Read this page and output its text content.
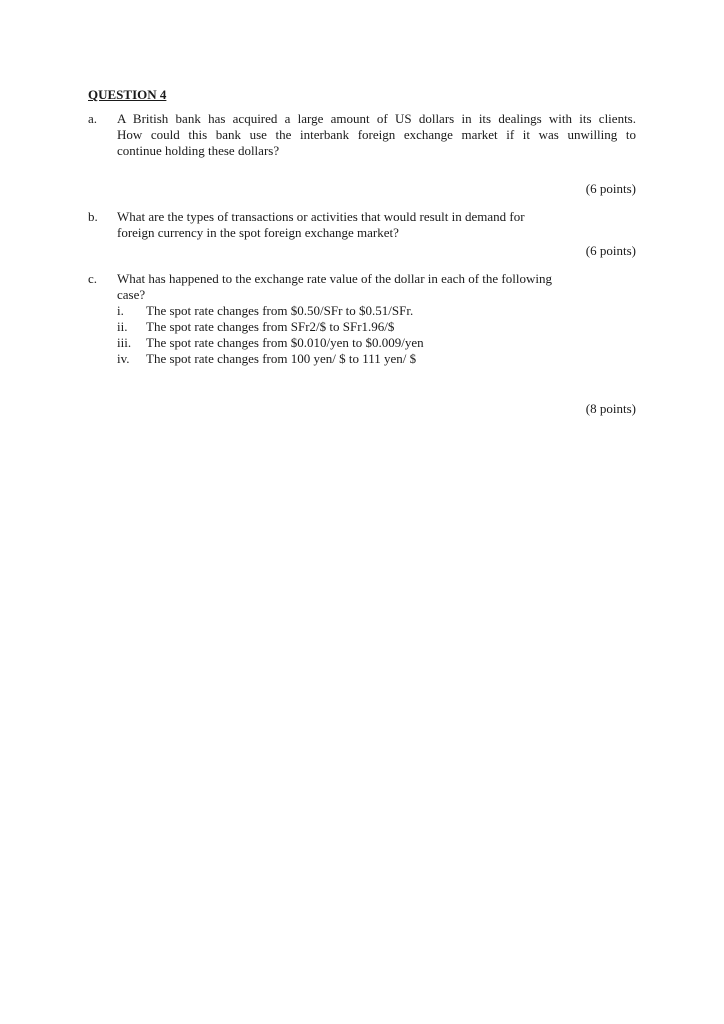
QUESTION 4
a. A British bank has acquired a large amount of US dollars in its dealings with its clients.
How could this bank use the interbank foreign exchange market if it was unwilling to
continue holding these dollars?
(6 points)
b. What are the types of transactions or activities that would result in demand for
foreign currency in the spot foreign exchange market?
(6 points)
c. What has happened to the exchange rate value of the dollar in each of the following
case?
i.	The spot rate changes from $0.50/SFr to $0.51/SFr.
ii.	The spot rate changes from SFr2/$ to SFr1.96/$
iii.	The spot rate changes from $0.010/yen to $0.009/yen
iv.	The spot rate changes from 100 yen/ $ to 111 yen/ $
(8 points)
